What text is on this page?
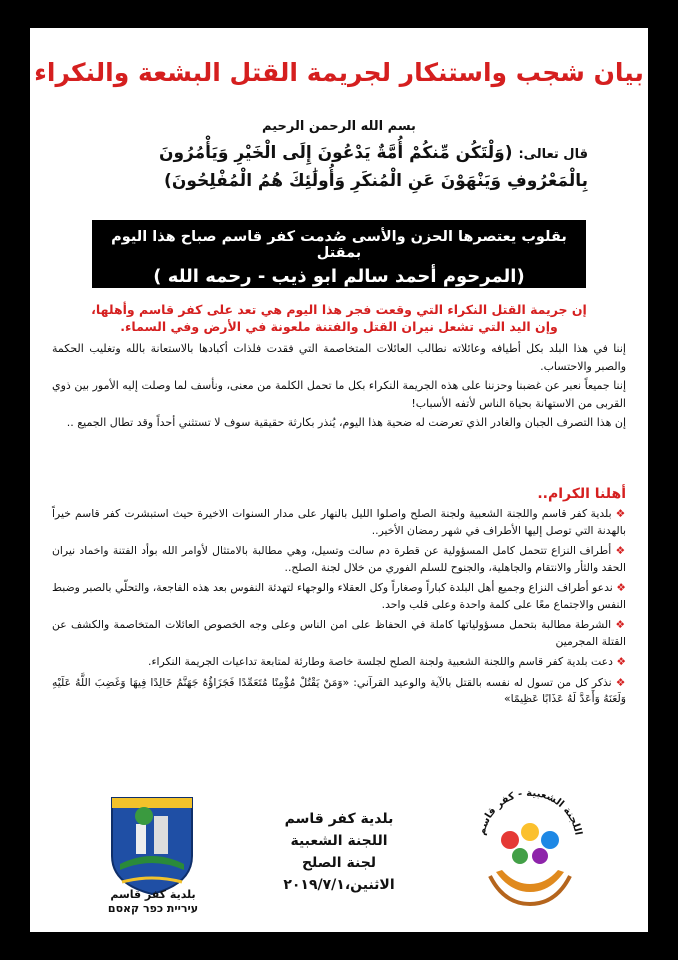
بيان شجب واستنكار لجريمة القتل البشعة والنكراء
بسم الله الرحمن الرحيم
قال تعالى: (وَلْتَكُن مِّنكُمْ أُمَّةٌ يَدْعُونَ إِلَى الْخَيْرِ وَيَأْمُرُونَ بِالْمَعْرُوفِ وَيَنْهَوْنَ عَنِ الْمُنكَرِ وَأُولَٰئِكَ هُمُ الْمُفْلِحُونَ)
بقلوب يعتصرها الحزن والأسى صُدمت كفر قاسم صباح هذا اليوم بمقتل
(المرحوم أحمد سالم ابو ذيب - رحمه الله )
إن جريمة القتل النكراء التي وقعت فجر هذا اليوم هي تعد على كفر قاسم وأهلها،
وإن اليد التي تشعل نيران القتل والفتنة ملعونة في الأرض وفي السماء.

إننا في هذا البلد بكل أطيافه وعائلاته نطالب العائلات المتخاصمة التي فقدت فلذات أكبادها بالاستعانة بالله وتغليب الحكمة والصبر والاحتساب.

إننا جميعاً نعبر عن غضبنا وحزننا على هذه الجريمة النكراء بكل ما تحمل الكلمة من معنى، ونأسف لما وصلت إليه الأمور بين ذوي القربى من الاستهانة بحياة الناس لأتفه الأسباب!

إن هذا التصرف الجبان والغادر الذي تعرضت له ضحية هذا اليوم، يُنذر بكارثة حقيقية سوف لا تستثني أحداً وقد تطال الجميع ..

أهلنا الكرام..
❖ بلدية كفر قاسم واللجنة الشعبية ولجنة الصلح واصلوا الليل بالنهار على مدار السنوات الاخيرة حيث استبشرت كفر قاسم خيراً بالهدنة التي توصل إليها الأطراف في شهر رمضان الأخير..
❖ أطراف النزاع تتحمل كامل المسؤولية عن قطرة دم سالت وتسيل، وهي مطالبة بالامتثال لأوامر الله بوأد الفتنة واخماد نيران الحقد والثأر والانتقام والجاهلية، والجنوح للسلم الفوري من خلال لجنة الصلح..
❖ ندعو أطراف النزاع وجميع أهل البلدة كباراً وصغاراً وكل العقلاء والوجهاء لتهدئة النفوس بعد هذه الفاجعة، والتحلّي بالصبر وضبط النفس والاجتماع معًا على كلمة واحدة وعلى قلب واحد.
❖ الشرطة مطالبة بتحمل مسؤولياتها كاملة في الحفاظ على امن الناس وعلى وجه الخصوص العائلات المتخاصمة والكشف عن القتلة المجرمين
❖ دعت بلدية كفر قاسم واللجنة الشعبية ولجنة الصلح لجلسة خاصة وطارئة لمتابعة تداعيات الجريمة النكراء.
❖ نذكر كل من تسول له نفسه بالقتل بالآية والوعيد القرآني: «وَمَنْ يَقْتُلْ مُؤْمِنًا مُتَعَمِّدًا فَجَزَاؤُهُ جَهَنَّمُ خَالِدًا فِيهَا وَغَضِبَ اللَّهُ عَلَيْهِ وَلَعَنَهُ وَأَعَدَّ لَهُ عَذَابًا عَظِيمًا»
بلدية كفر قاسم
اللجنة الشعبية
لجنة الصلح
الاثنين،٢٠١٩/٧/١
بلدية كفر قاسم
עיריית כפר קאסם
اللجنة الشعبية - كفر قاسم
